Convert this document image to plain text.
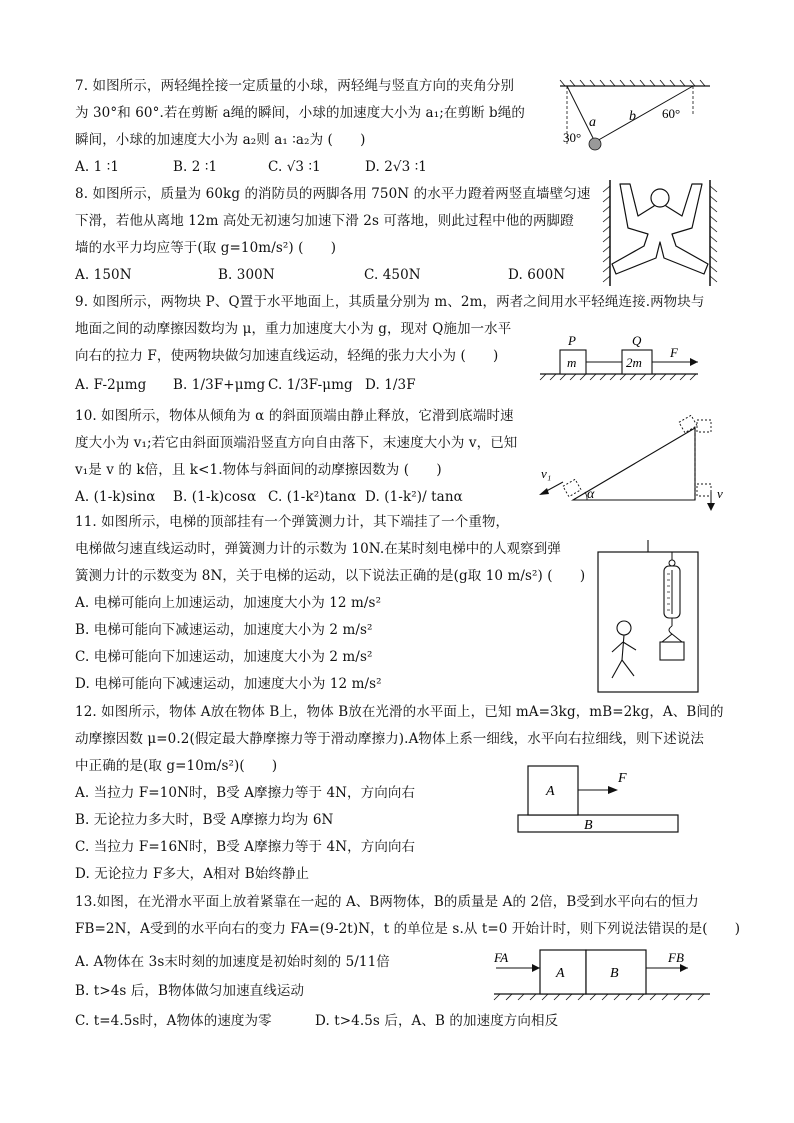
7. 如图所示，两轻绳拴接一定质量的小球，两轻绳与竖直方向的夹角分别
为 30°和 60°.若在剪断 a绳的瞬间，小球的加速度大小为 a₁;在剪断 b绳的
瞬间，小球的加速度大小为 a₂则 a₁ ∶a₂为 (　　)
A. 1 ∶1	B. 2 ∶1	C. √3 ∶1	D. 2√3 ∶1
a b
30°
60°
8. 如图所示，质量为 60kg 的消防员的两脚各用 750N 的水平力蹬着两竖直墙壁匀速
下滑，若他从离地 12m 高处无初速匀加速下滑 2s 可落地，则此过程中他的两脚蹬
墙的水平力均应等于(取 g=10m/s²) (　　)
A. 150N	B. 300N	C. 450N	D. 600N
9. 如图所示，两物块 P、Q置于水平地面上，其质量分别为 m、2m，两者之间用水平轻绳连接.两物块与
地面之间的动摩擦因数均为 μ，重力加速度大小为 g，现对 Q施加一水平
向右的拉力 F，使两物块做匀加速直线运动，轻绳的张力大小为 (　　)
A. F-2μmg B. 1/3F+μmg C. 1/3F-μmg D. 1/3F
P	Q
m	2m
F
10. 如图所示，物体从倾角为 α 的斜面顶端由静止释放，它滑到底端时速
度大小为 v₁;若它由斜面顶端沿竖直方向自由落下，末速度大小为 v，已知
v₁是 v 的 k倍，且 k<1.物体与斜面间的动摩擦因数为 (　　)
A. (1-k)sinα B. (1-k)cosα C. (1-k²)tanα D. (1-k²)/ tanα
v₁
α	v
11. 如图所示，电梯的顶部挂有一个弹簧测力计，其下端挂了一个重物，
电梯做匀速直线运动时，弹簧测力计的示数为 10N.在某时刻电梯中的人观察到弹
簧测力计的示数变为 8N，关于电梯的运动，以下说法正确的是(g取 10 m/s²) (　　)
A. 电梯可能向上加速运动，加速度大小为 12 m/s²
B. 电梯可能向下减速运动，加速度大小为 2 m/s²
C. 电梯可能向下加速运动，加速度大小为 2 m/s²
D. 电梯可能向下减速运动，加速度大小为 12 m/s²
12. 如图所示，物体 A放在物体 B上，物体 B放在光滑的水平面上，已知 mA=3kg，mB=2kg，A、B间的
动摩擦因数 μ=0.2(假定最大静摩擦力等于滑动摩擦力).A物体上系一细线，水平向右拉细线，则下述说法
中正确的是(取 g=10m/s²)(　　)
A. 当拉力 F=10N时，B受 A摩擦力等于 4N，方向向右
B. 无论拉力多大时，B受 A摩擦力均为 6N
C. 当拉力 F=16N时，B受 A摩擦力等于 4N，方向向右
D. 无论拉力 F多大，A相对 B始终静止
A
B
F
13.如图，在光滑水平面上放着紧靠在一起的 A、B两物体，B的质量是 A的 2倍，B受到水平向右的恒力
FB=2N，A受到的水平向右的变力 FA=(9-2t)N，t 的单位是 s.从 t=0 开始计时，则下列说法错误的是(　　)
A. A物体在 3s末时刻的加速度是初始时刻的 5/11倍
B. t>4s 后，B物体做匀加速直线运动
C. t=4.5s时，A物体的速度为零	D. t>4.5s 后，A、B 的加速度方向相反
FA
A	B
FB
